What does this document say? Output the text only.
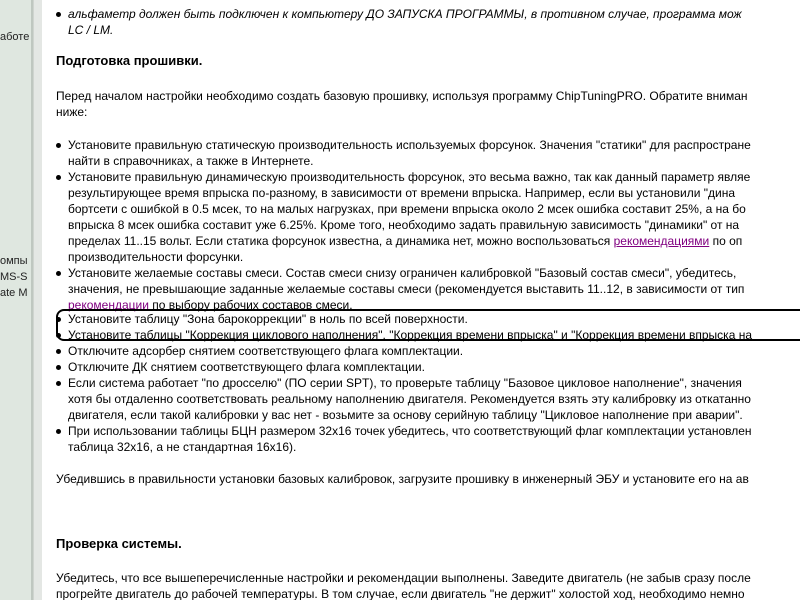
аботе
омпы
MS-S
ate M
альфаметр должен быть подключен к компьютеру ДО ЗАПУСКА ПРОГРАММЫ, в противном случае, программа мож
LC / LM.
Подготовка прошивки.

Перед началом настройки необходимо создать базовую прошивку, используя программу ChipTuningPRO. Обратите вниман

ниже:

Установите правильную статическую производительность используемых форсунок. Значения "статики" для распростране
найти в справочниках, а также в Интернете.
Установите правильную динамическую производительность форсунок, это весьма важно, так как данный параметр являе
результирующее время впрыска по-разному, в зависимости от времени впрыска. Например, если вы установили "дина
бортсети с ошибкой в 0.5 мсек, то на малых нагрузках, при времени впрыска около 2 мсек ошибка составит 25%, а на бо
впрыска 8 мсек ошибка составит уже 6.25%. Кроме того, необходимо задать правильную зависимость "динамики" от на
пределах 11..15 вольт. Если статика форсунок известна, а динамика нет, можно воспользоваться рекомендациями по оп
производительности форсунки.
Установите желаемые составы смеси. Состав смеси снизу ограничен калибровкой "Базовый состав смеси", убедитесь,
значения, не превышающие заданные желаемые составы смеси (рекомендуется выставить 11..12, в зависимости от тип
рекомендации по выбору рабочих составов смеси.
Установите таблицу "Зона барокоррекции" в ноль по всей поверхности.
Установите таблицы "Коррекция циклового наполнения", "Коррекция времени впрыска" и "Коррекция времени впрыска на
Отключите адсорбер снятием соответствующего флага комплектации.
Отключите ДК снятием соответствующего флага комплектации.
Если система работает "по дросселю" (ПО серии SPT), то проверьте таблицу "Базовое цикловое наполнение", значения
хотя бы отдаленно соответствовать реальному наполнению двигателя. Рекомендуется взять эту калибровку из откатанно
двигателя, если такой калибровки у вас нет - возьмите за основу серийную таблицу "Цикловое наполнение при аварии".
При использовании таблицы БЦН размером 32х16 точек убедитесь, что соответствующий флаг комплектации установлен
таблица 32х16, а не стандартная 16х16).

Убедившись в правильности установки базовых калибровок, загрузите прошивку в инженерный ЭБУ и установите его на ав

Проверка системы.

Убедитесь, что все вышеперечисленные настройки и рекомендации выполнены. Заведите двигатель (не забыв сразу после

прогрейте двигатель до рабочей температуры. В том случае, если двигатель "не держит" холостой ход, необходимо немно
